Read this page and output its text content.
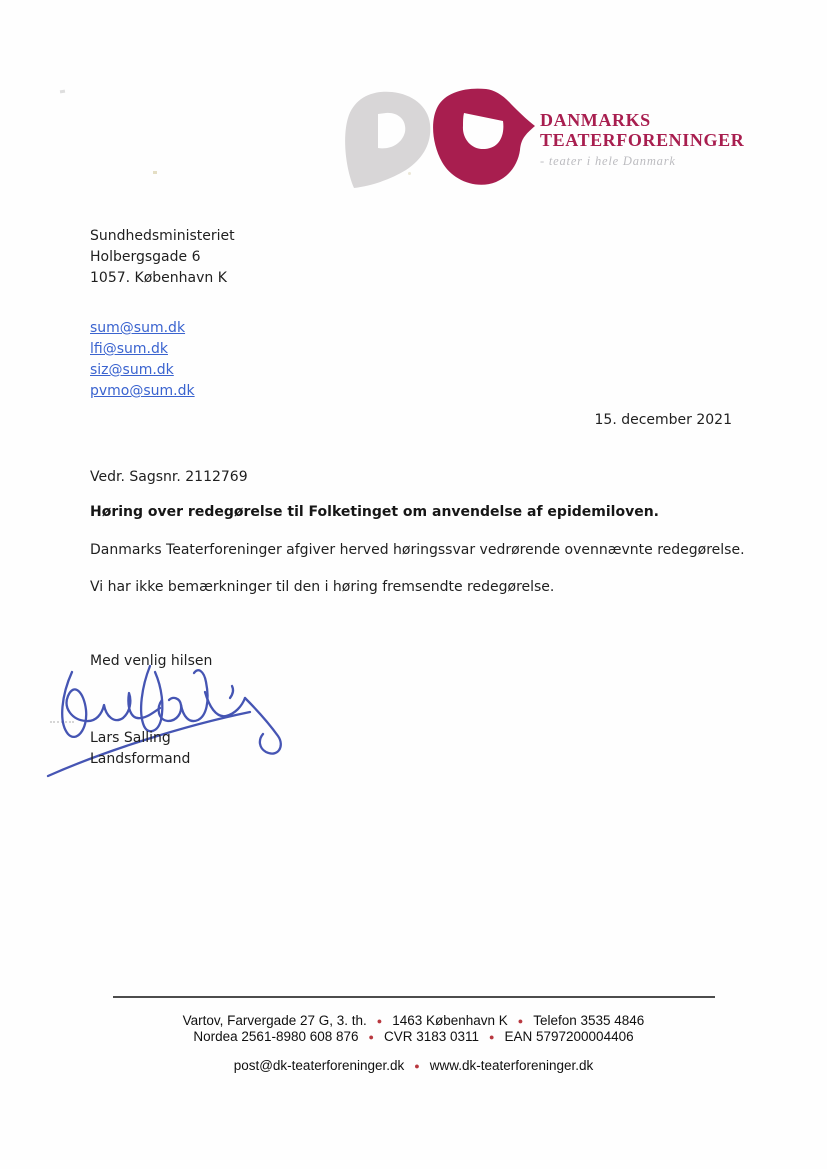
DANMARKS
TEATERFORENINGER
- teater i hele Danmark
Sundhedsministeriet
Holbergsgade 6
1057. København K
sum@sum.dk
lfi@sum.dk
siz@sum.dk
pvmo@sum.dk
15. december 2021
Vedr. Sagsnr. 2112769
Høring over redegørelse til Folketinget om anvendelse af epidemiloven.
Danmarks Teaterforeninger afgiver herved høringssvar vedrørende ovennævnte redegørelse.
Vi har ikke bemærkninger til den i høring fremsendte redegørelse.
Med venlig hilsen
Lars Salling
Landsformand
Vartov, Farvergade 27 G, 3. th. ● 1463 København K ● Telefon 3535 4846
Nordea 2561-8980 608 876 ● CVR 3183 0311 ● EAN 5797200004406
post@dk-teaterforeninger.dk ● www.dk-teaterforeninger.dk
